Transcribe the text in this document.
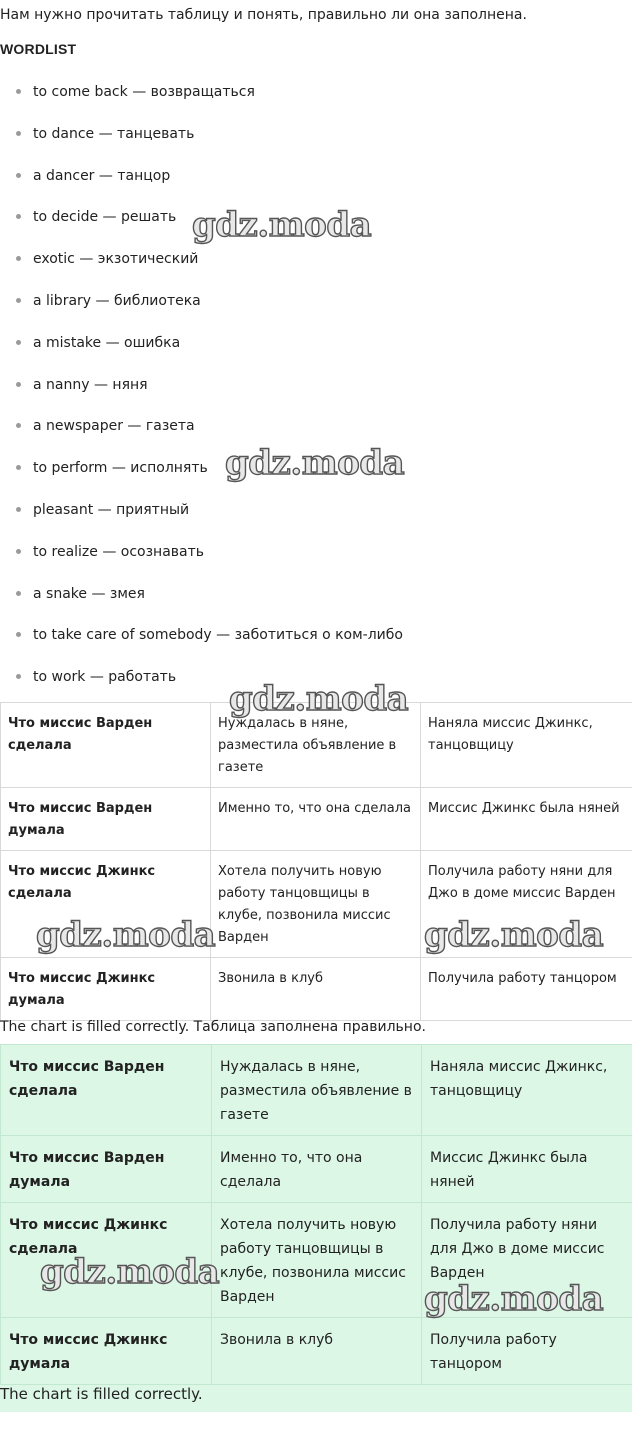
Нам нужно прочитать таблицу и понять, правильно ли она заполнена.

WORDLIST

to come back — возвращаться
to dance — танцевать
a dancer — танцор
to decide — решать
exotic — экзотический
a library — библиотека
a mistake — ошибка
a nanny — няня
a newspaper — газета
to perform — исполнять
pleasant — приятный
to realize — осознавать
a snake — змея
to take care of somebody — заботиться о ком-либо
to work — работать
Что миссис Варден сделала	Нуждалась в няне, разместила объявление в газете	Наняла миссис Джинкс, танцовщицу
Что миссис Варден думала	Именно то, что она сделала	Миссис Джинкс была няней
Что миссис Джинкс сделала	Хотела получить новую работу танцовщицы в клубе, позвонила миссис Варден	Получила работу няни для Джо в доме миссис Варден
Что миссис Джинкс думала	Звонила в клуб	Получила работу танцором

The chart is filled correctly. Таблица заполнена правильно.

Что миссис Варден сделала	Нуждалась в няне, разместила объявление в газете	Наняла миссис Джинкс, танцовщицу
Что миссис Варден думала	Именно то, что она сделала	Миссис Джинкс была няней
Что миссис Джинкс сделала	Хотела получить новую работу танцовщицы в клубе, позвонила миссис Варден	Получила работу няни для Джо в доме миссис Варден
Что миссис Джинкс думала	Звонила в клуб	Получила работу танцором

The chart is filled correctly.

gdz.moda
gdz.moda
gdz.moda
gdz.moda	gdz.moda
gdz.moda
gdz.moda
